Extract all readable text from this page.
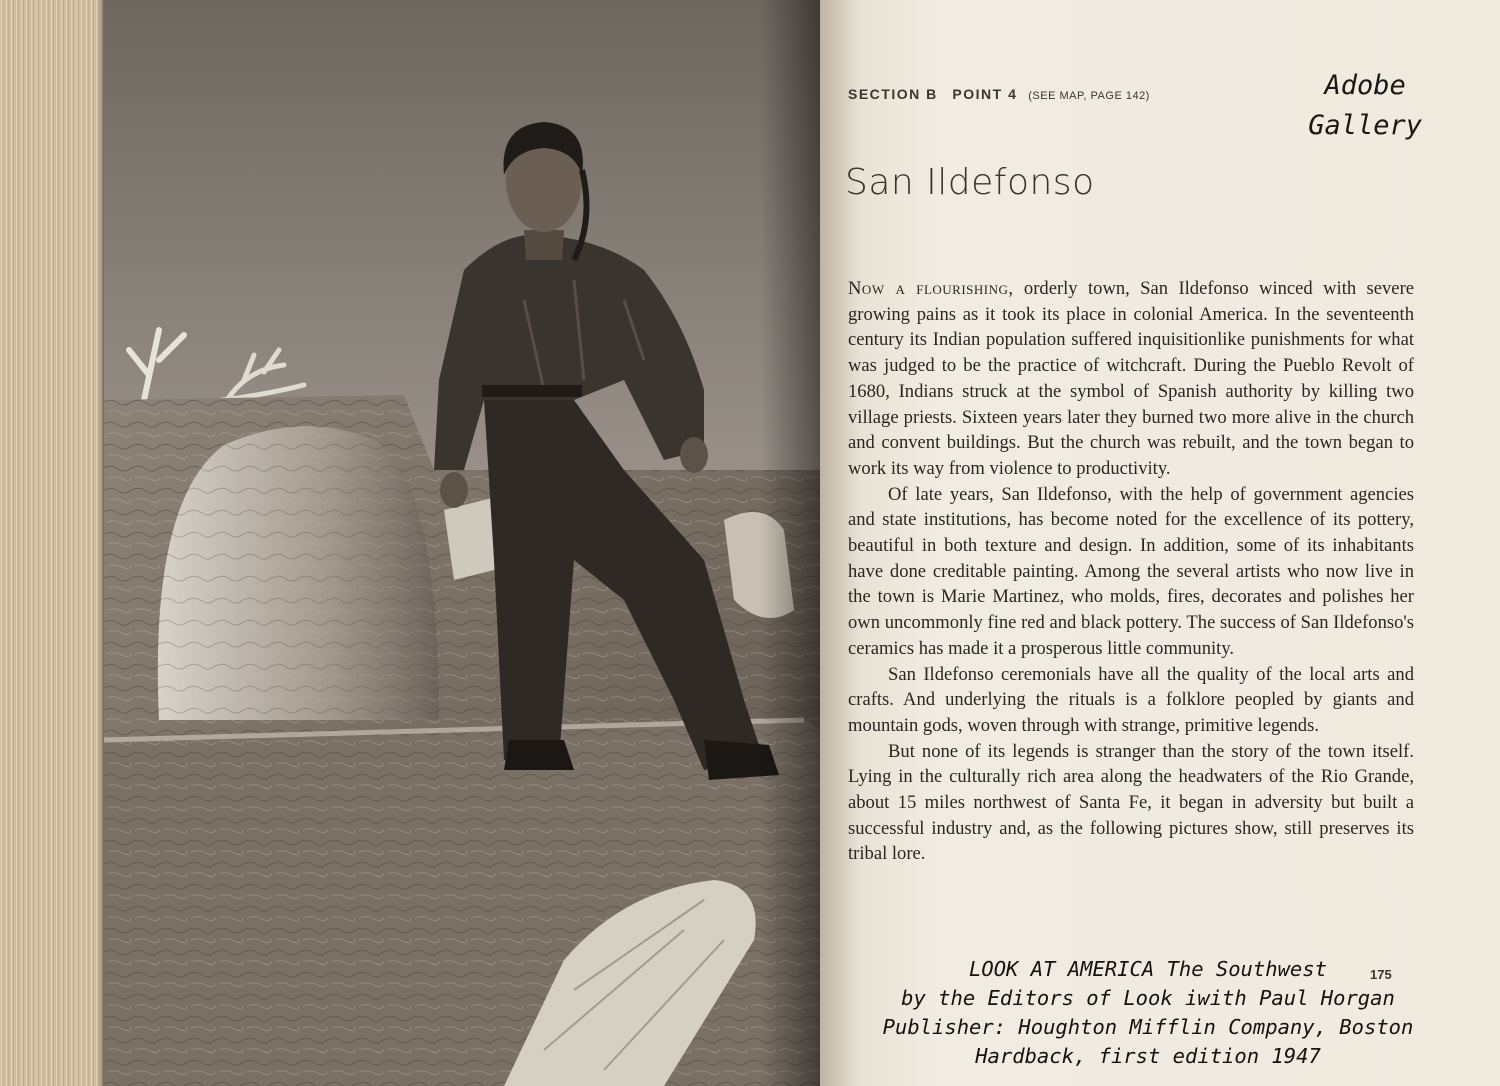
SECTION B POINT 4 (SEE MAP, PAGE 142)	Adobe
Gallery
San Ildefonso

Now a flourishing, orderly town, San Ildefonso winced with severe growing pains as it took its place in colonial America. In the seventeenth century its Indian population suffered inquisitionlike punishments for what was judged to be the practice of witchcraft. During the Pueblo Revolt of 1680, Indians struck at the symbol of Spanish authority by killing two village priests. Sixteen years later they burned two more alive in the church and convent buildings. But the church was rebuilt, and the town began to work its way from violence to productivity.

Of late years, San Ildefonso, with the help of government agencies and state institutions, has become noted for the excellence of its pottery, beautiful in both texture and design. In addition, some of its inhabitants have done creditable painting. Among the several artists who now live in the town is Marie Martinez, who molds, fires, decorates and polishes her own uncommonly fine red and black pottery. The success of San Ildefonso's ceramics has made it a prosperous little community.

San Ildefonso ceremonials have all the quality of the local arts and crafts. And underlying the rituals is a folklore peopled by giants and mountain gods, woven through with strange, primitive legends.

But none of its legends is stranger than the story of the town itself. Lying in the culturally rich area along the headwaters of the Rio Grande, about 15 miles northwest of Santa Fe, it began in adversity but built a successful industry and, as the following pictures show, still preserves its tribal lore.

175
LOOK AT AMERICA The Southwest
by the Editors of Look iwith Paul Horgan
Publisher: Houghton Mifflin Company, Boston
Hardback, first edition 1947
